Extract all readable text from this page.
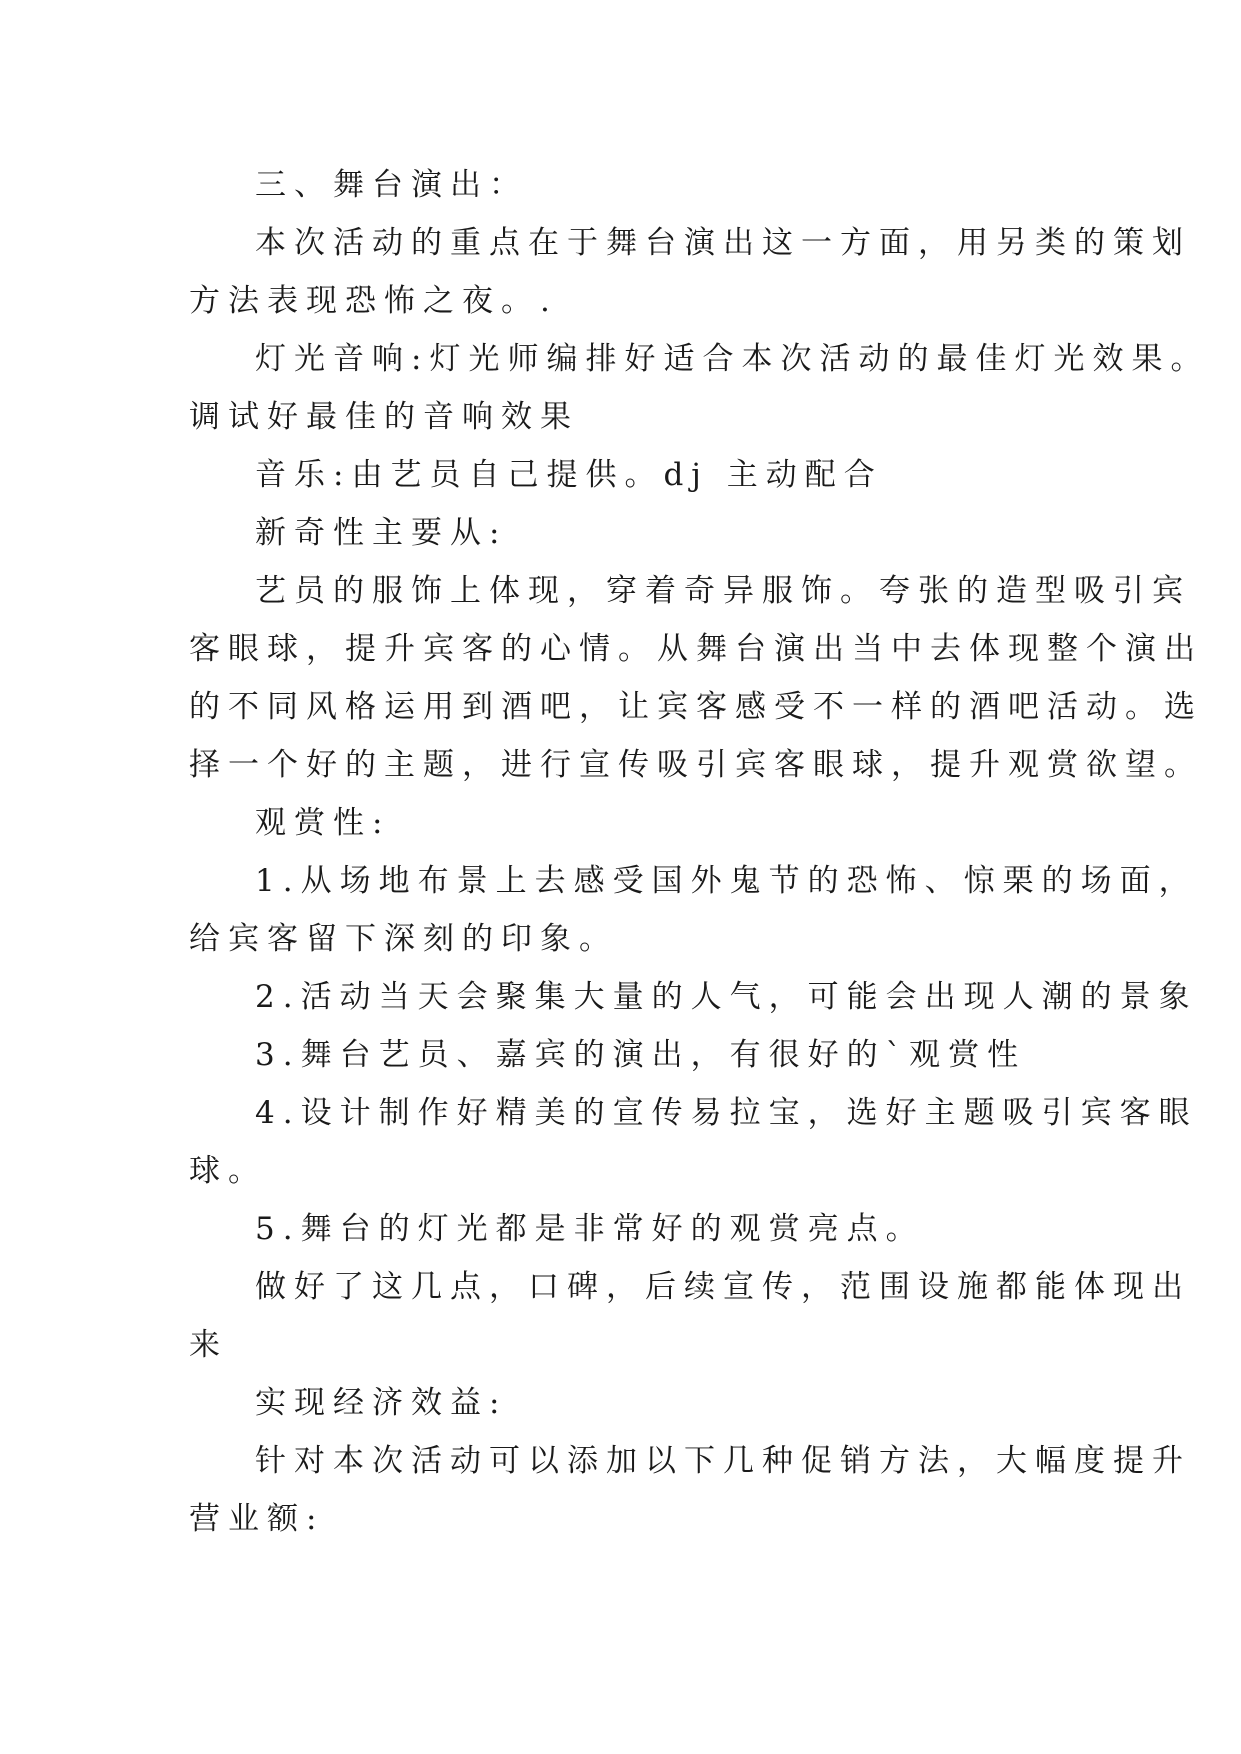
三、舞台演出：
本次活动的重点在于舞台演出这一方面，用另类的策划
方法表现恐怖之夜。.
灯光音响:灯光师编排好适合本次活动的最佳灯光效果。
调试好最佳的音响效果
音乐:由艺员自己提供。dj 主动配合
新奇性主要从:
艺员的服饰上体现，穿着奇异服饰。夸张的造型吸引宾
客眼球，提升宾客的心情。从舞台演出当中去体现整个演出
的不同风格运用到酒吧，让宾客感受不一样的酒吧活动。选
择一个好的主题，进行宣传吸引宾客眼球，提升观赏欲望。
观赏性:
1.从场地布景上去感受国外鬼节的恐怖、惊栗的场面，
给宾客留下深刻的印象。
2.活动当天会聚集大量的人气，可能会出现人潮的景象
3.舞台艺员、嘉宾的演出，有很好的`观赏性
4.设计制作好精美的宣传易拉宝，选好主题吸引宾客眼
球。
5.舞台的灯光都是非常好的观赏亮点。
做好了这几点，口碑，后续宣传，范围设施都能体现出
来
实现经济效益:
针对本次活动可以添加以下几种促销方法，大幅度提升
营业额:
